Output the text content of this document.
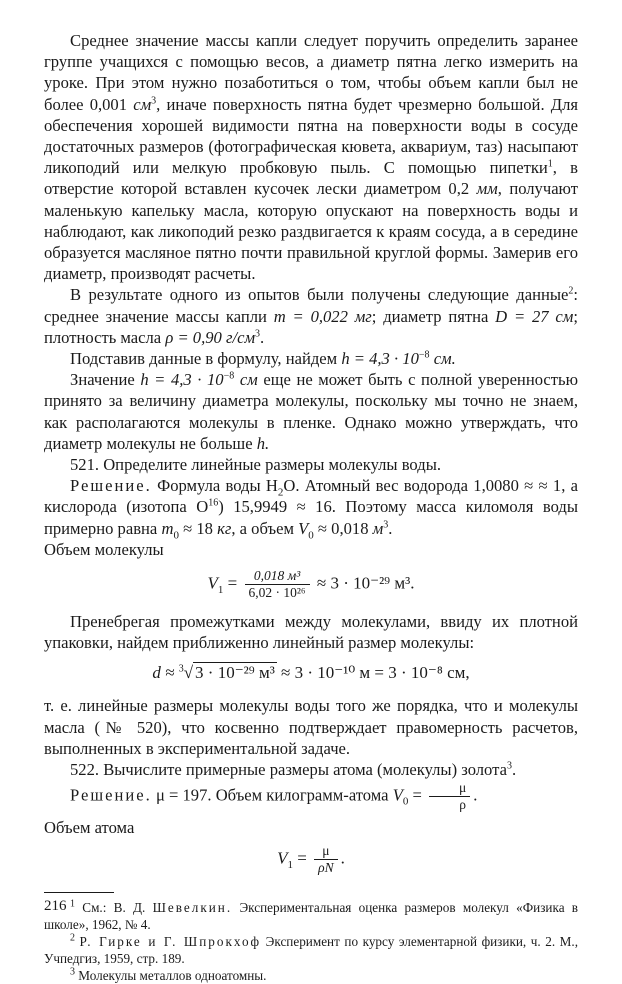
Среднее значение массы капли следует поручить определить заранее группе учащихся с помощью весов, а диаметр пятна легко измерить на уроке. При этом нужно позаботиться о том, чтобы объем капли был не более 0,001 $см^3$, иначе поверхность пятна будет чрезмерно большой. Для обеспечения хорошей видимости пятна на поверхности воды в сосуде достаточных размеров (фотографическая кювета, аквариум, таз) насыпают ликоподий или мелкую пробковую пыль. С помощью пипетки$^1$, в отверстие которой вставлен кусочек лески диаметром 0,2 мм, получают маленькую капельку масла, которую опускают на поверхность воды и наблюдают, как ликоподий резко раздвигается к краям сосуда, а в середине образуется масляное пятно почти правильной круглой формы. Замерив его диаметр, производят расчеты.

В результате одного из опытов были получены следующие данные$^2$: среднее значение массы капли m = 0,022 мг; диаметр пятна D = 27 см; плотность масла ρ = 0,90 $г/см^3$.

Подставив данные в формулу, найдем $h = 4,3 \cdot 10^{-8}$ см.

Значение $h = 4,3 \cdot 10^{-8}$ см еще не может быть с полной уверенностью принято за величину диаметра молекулы, поскольку мы точно не знаем, как располагаются молекулы в пленке. Однако можно утверждать, что диаметр молекулы не больше h.

521. Определите линейные размеры молекулы воды.

Решение. Формула воды $H_2O$. Атомный вес водорода 1,0080 ≈ ≈ 1, а кислорода (изотопа $O^{16}$) 15,9949 ≈ 16. Поэтому масса киломоля воды примерно равна $m_0 \approx 18$ кг, а объем $V_0 \approx 0,018$ $м^3$.

Объем молекулы

$V_1 = \frac{\text{0,018 м³}}{\text{6,02 · 10²⁶}} \approx 3 \cdot 10^{-29}$ м³.

Пренебрегая промежутками между молекулами, ввиду их плотной упаковки, найдем приближенно линейный размер молекулы:

d ≈ $^3$√ 3 · 10⁻²⁹ м³ ≈ 3 · 10⁻¹⁰ м = 3 · 10⁻⁸ см,

т. е. линейные размеры молекулы воды того же порядка, что и молекулы масла (№ 520), что косвенно подтверждает правомерность расчетов, выполненных в экспериментальной задаче.

522. Вычислите примерные размеры атома (молекулы) золота$^3$.

Решение. μ = 197. Объем килограмм-атома $V_0 = \frac{\mu}{\rho}$ .

Объем атома

$V_1 = \frac{\mu}{\rho N}$ .

$^1$ См.: В. Д. Шевелкин. Экспериментальная оценка размеров молекул «Физика в школе», 1962, № 4.

$^2$ Р. Гирке и Г. Шпрокхоф Эксперимент по курсу элементарной физики, ч. 2. М., Учпедгиз, 1959, стр. 189.

$^3$ Молекулы металлов одноатомны.

216
